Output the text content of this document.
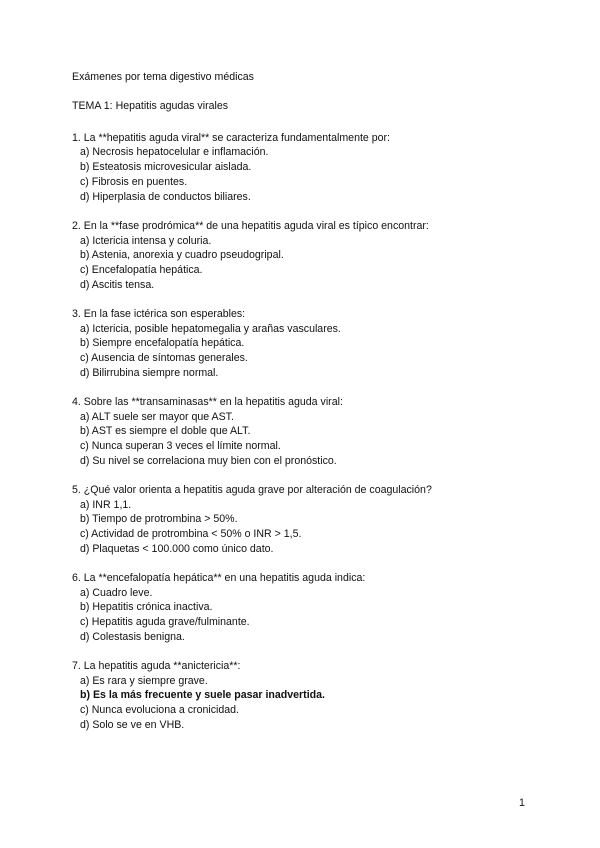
Exámenes por tema digestivo médicas
TEMA 1: Hepatitis agudas virales
1. La **hepatitis aguda viral** se caracteriza fundamentalmente por:
a) Necrosis hepatocelular e inflamación.
b) Esteatosis microvesicular aislada.
c) Fibrosis en puentes.
d) Hiperplasia de conductos biliares.
2. En la **fase prodrómica** de una hepatitis aguda viral es típico encontrar:
a) Ictericia intensa y coluria.
b) Astenia, anorexia y cuadro pseudogripal.
c) Encefalopatía hepática.
d) Ascitis tensa.
3. En la fase ictérica son esperables:
a) Ictericia, posible hepatomegalia y arañas vasculares.
b) Siempre encefalopatía hepática.
c) Ausencia de síntomas generales.
d) Bilirrubina siempre normal.
4. Sobre las **transaminasas** en la hepatitis aguda viral:
a) ALT suele ser mayor que AST.
b) AST es siempre el doble que ALT.
c) Nunca superan 3 veces el límite normal.
d) Su nivel se correlaciona muy bien con el pronóstico.
5. ¿Qué valor orienta a hepatitis aguda grave por alteración de coagulación?
a) INR 1,1.
b) Tiempo de protrombina > 50%.
c) Actividad de protrombina < 50% o INR > 1,5.
d) Plaquetas < 100.000 como único dato.
6. La **encefalopatía hepática** en una hepatitis aguda indica:
a) Cuadro leve.
b) Hepatitis crónica inactiva.
c) Hepatitis aguda grave/fulminante.
d) Colestasis benigna.
7. La hepatitis aguda **anictericia**:
a) Es rara y siempre grave.
b) Es la más frecuente y suele pasar inadvertida.
c) Nunca evoluciona a cronicidad.
d) Solo se ve en VHB.
1
